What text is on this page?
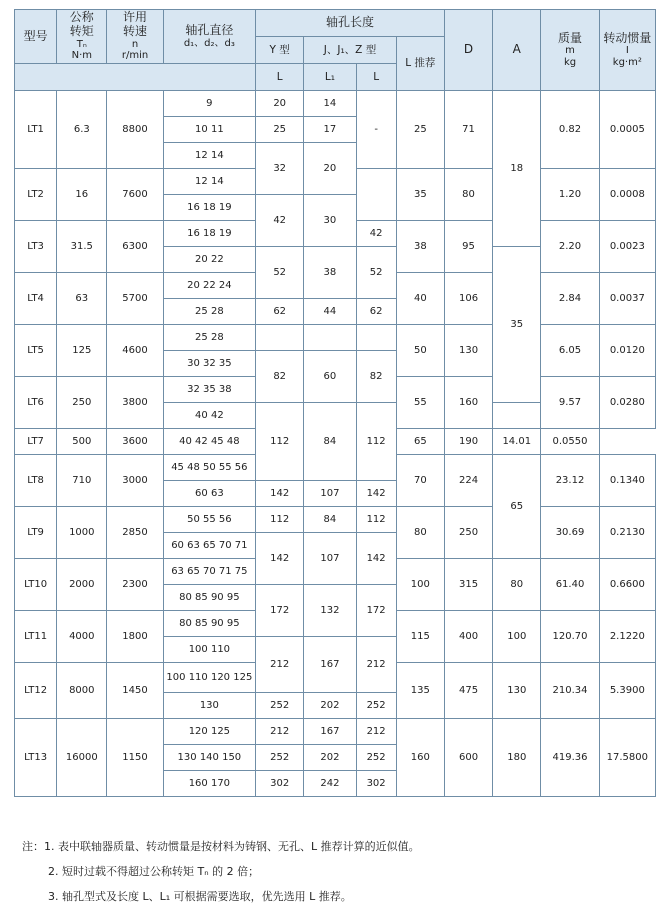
型号	公称
转矩
Tₙ
N·m	许用
转速
n
r/min	轴孔直径
d₁、d₂、d₃	轴孔长度				D	A	质量
m
kg	转动惯量
I
kg·m²

				Y 型	J、J₁、Z 型		L 推荐				
				L	L₁	L					
LT1	6.3	8800	9	20	14	-	25	71	18	0.82	0.0005
			10 11	25	17						
			12 14	32	20						
LT2	16	7600	12 14				35	80		1.20	0.0008
			16 18 19	42	30						
LT3	31.5	6300	16 18 19			42	38	95		2.20	0.0023
			20 22	52	38	52			35		
LT4	63	5700	20 22 24				40	106		2.84	0.0037
			25 28	62	44	62					
LT5	125	4600	25 28				50	130		6.05	0.0120
			30 32 35	82	60	82					
LT6	250	3800	32 35 38				55	160		9.57	0.0280
			40 42	112	84	112					
LT7	500	3600	40 42 45 48				65	190	14.01	0.0550	
LT8	710	3000	45 48 50 55 56				70	224	65	23.12	0.1340
			60 63	142	107	142					
LT9	1000	2850	50 55 56	112	84	112	80	250		30.69	0.2130
			60 63 65 70 71	142	107	142					
LT10	2000	2300	63 65 70 71 75				100	315	80	61.40	0.6600
			80 85 90 95	172	132	172					
LT11	4000	1800	80 85 90 95				115	400	100	120.70	2.1220
			100 110	212	167	212					
LT12	8000	1450	100 110 120 125				135	475	130	210.34	5.3900
			130	252	202	252					
LT13	16000	1150	120 125	212	167	212	160	600	180	419.36	17.5800
			130 140 150	252	202	252					
			160 170	302	242	302					
注：1. 表中联轴器质量、转动惯量是按材料为铸钢、无孔、L 推荐计算的近似值。
2. 短时过载不得超过公称转矩 Tₙ 的 2 倍；
3. 轴孔型式及长度 L、L₁ 可根据需要选取，优先选用 L 推荐。
